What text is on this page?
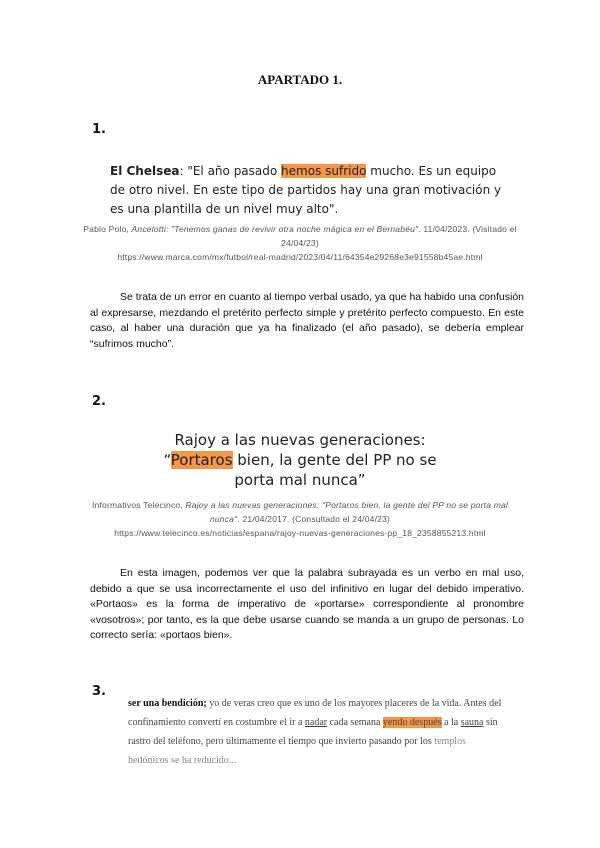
APARTADO 1.
1.
El Chelsea: "El año pasado hemos sufrido mucho. Es un equipo de otro nivel. En este tipo de partidos hay una gran motivación y es una plantilla de un nivel muy alto".
Pablo Polo, Ancelotti: "Tenemos ganas de revivir otra noche mágica en el Bernabéu". 11/04/2023. (Visitado el 24/04/23)
https://www.marca.com/mx/futbol/real-madrid/2023/04/11/64354e29268e3e91558b45ae.html
Se trata de un error en cuanto al tiempo verbal usado, ya que ha habido una confusión al expresarse, mezdando el pretérito perfecto simple y pretérito perfecto compuesto. En este caso, al haber una duración que ya ha finalizado (el año pasado), se debería emplear “sufrimos mucho”.
2.
Rajoy a las nuevas generaciones: “Portaros bien, la gente del PP no se porta mal nunca”
Informativos Telecinco, Rajoy a las nuevas generaciones: "Portaros bien, la gente del PP no se porta mal nunca". 21/04/2017. (Consultado el 24/04/23)
https://www.telecinco.es/noticias/espana/rajoy-nuevas-generaciones-pp_18_2358855213.html
En esta imagen, podemos ver que la palabra subrayada es un verbo en mal uso, debido a que se usa incorrectamente el uso del infinitivo en lugar del debido imperativo. «Portaos» es la forma de imperativo de «portarse» correspondiente al pronombre «vosotros»; por tanto, es la que debe usarse cuando se manda a un grupo de personas. Lo correcto sería: «portaos bien».
3.
ser una bendición; yo de veras creo que es uno de los mayores placeres de la vida. Antes del confinamiento convertí en costumbre el ir a nadar cada semana yendo después a la sauna sin rastro del teléfono, pero últimamente el tiempo que invierto pasando por los templos hedónicos se ha reducido...
